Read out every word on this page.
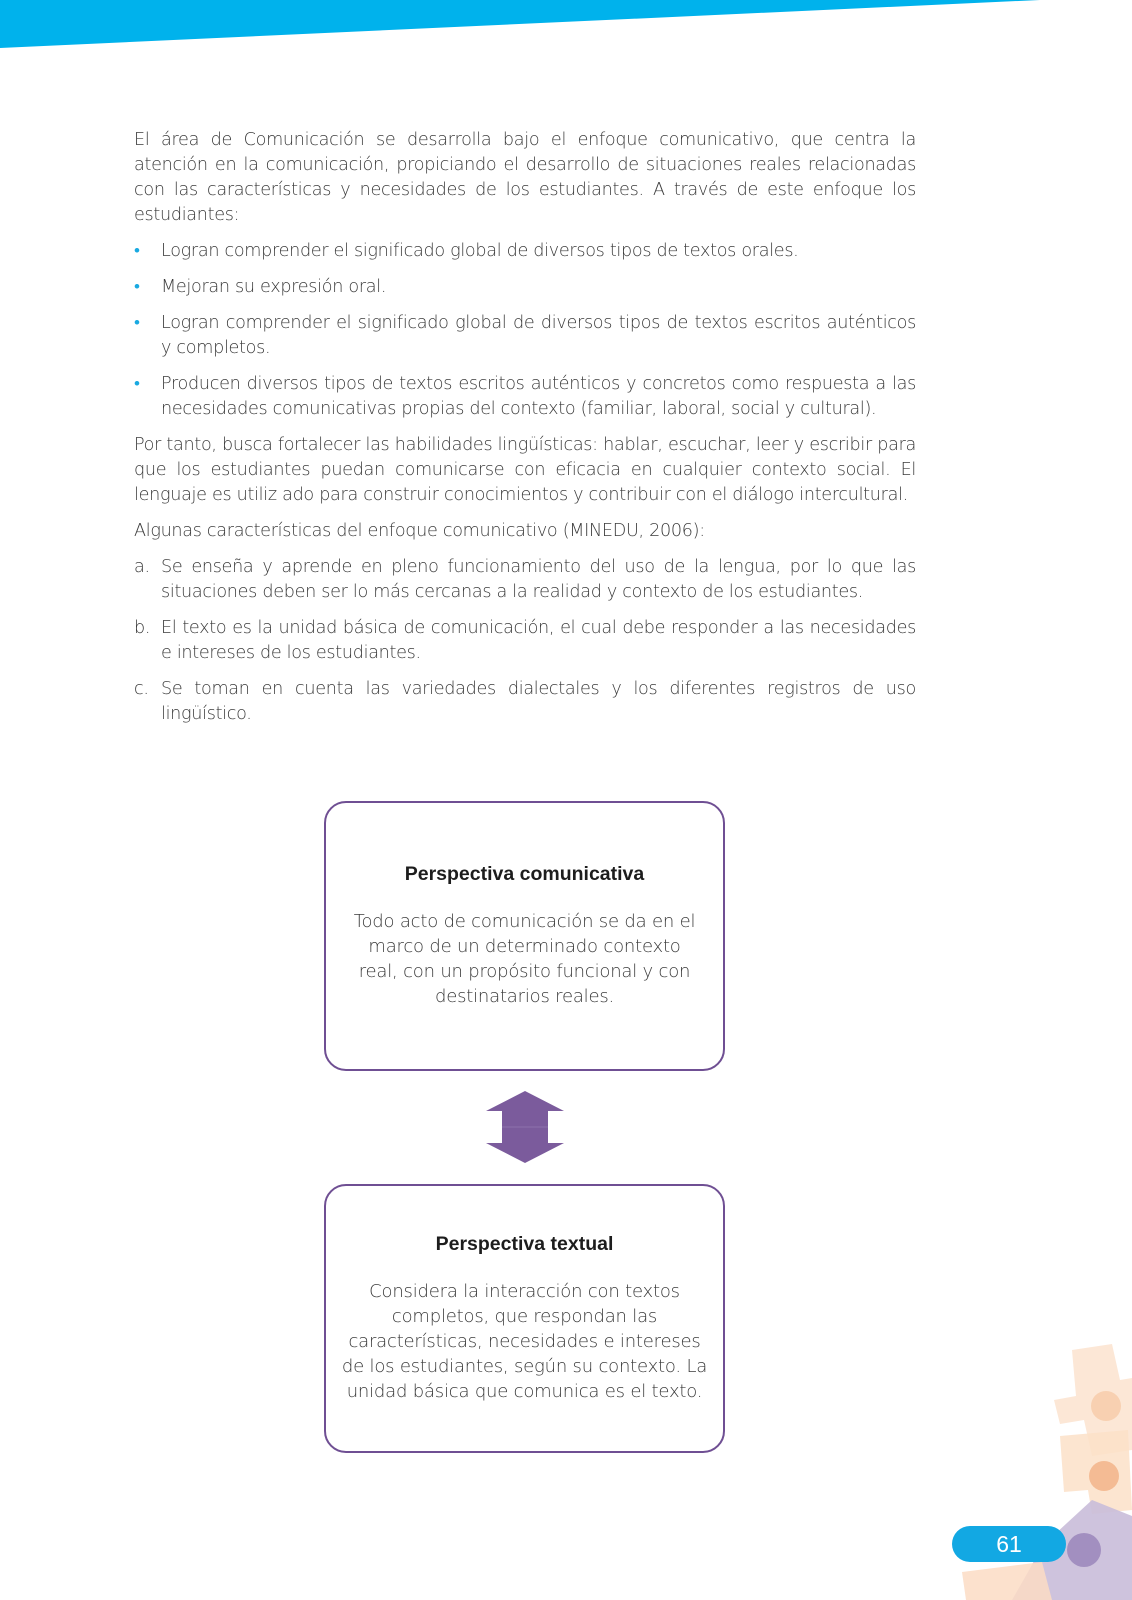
El área de Comunicación se desarrolla bajo el enfoque comunicativo, que centra la atención en la comunicación, propiciando el desarrollo de situaciones reales relacionadas con las características y necesidades de los estudiantes. A través de este enfoque los estudiantes:

• Logran comprender el significado global de diversos tipos de textos orales.
• Mejoran su expresión oral.
• Logran comprender el significado global de diversos tipos de textos escritos auténticos y completos.
• Producen diversos tipos de textos escritos auténticos y concretos como respuesta a las necesidades comunicativas propias del contexto (familiar, laboral, social y cultural).

Por tanto, busca fortalecer las habilidades lingüísticas: hablar, escuchar, leer y escribir para que los estudiantes puedan comunicarse con eficacia en cualquier contexto social. El lenguaje es utiliz ado para construir conocimientos y contribuir con el diálogo intercultural.

Algunas características del enfoque comunicativo (MINEDU, 2006):

a. Se enseña y aprende en pleno funcionamiento del uso de la lengua, por lo que las situaciones deben ser lo más cercanas a la realidad y contexto de los estudiantes.
b. El texto es la unidad básica de comunicación, el cual debe responder a las necesidades e intereses de los estudiantes.
c. Se toman en cuenta las variedades dialectales y los diferentes registros de uso lingüístico.

Perspectiva comunicativa

Todo acto de comunicación se da en el marco de un determinado contexto real, con un propósito funcional y con destinatarios reales.

Perspectiva textual

Considera la interacción con textos completos, que respondan las características, necesidades e intereses de los estudiantes, según su contexto. La unidad básica que comunica es el texto.

61
